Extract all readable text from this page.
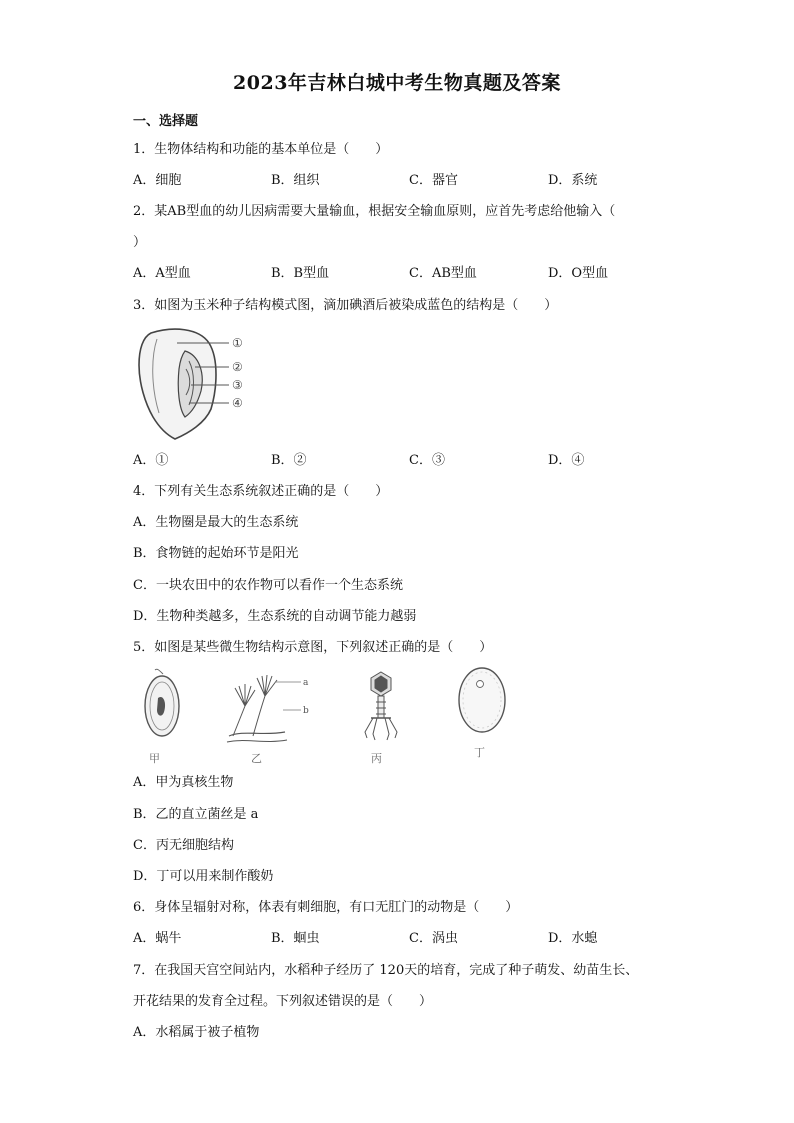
2023年吉林白城中考生物真题及答案
一、选择题
1．生物体结构和功能的基本单位是（　　）
A．细胞	B．组织	C．器官	D．系统
2．某AB型血的幼儿因病需要大量输血，根据安全输血原则，应首先考虑给他输入（
）
A．A型血	B．B型血	C．AB型血	D．O型血
3．如图为玉米种子结构模式图，滴加碘酒后被染成蓝色的结构是（　　）
①
②
③
④
A．①	B．②	C．③	D．④
4．下列有关生态系统叙述正确的是（　　）
A．生物圈是最大的生态系统
B．食物链的起始环节是阳光
C．一块农田中的农作物可以看作一个生态系统
D．生物种类越多，生态系统的自动调节能力越弱
5．如图是某些微生物结构示意图，下列叙述正确的是（　　）
a
b
甲	乙	丙	丁
A．甲为真核生物
B．乙的直立菌丝是 a
C．丙无细胞结构
D．丁可以用来制作酸奶
6．身体呈辐射对称，体表有刺细胞，有口无肛门的动物是（　　）
A．蜗牛	B．蛔虫	C．涡虫	D．水螅
7．在我国天宫空间站内，水稻种子经历了 120天的培育，完成了种子萌发、幼苗生长、
开花结果的发育全过程。下列叙述错误的是（　　）
A．水稻属于被子植物
